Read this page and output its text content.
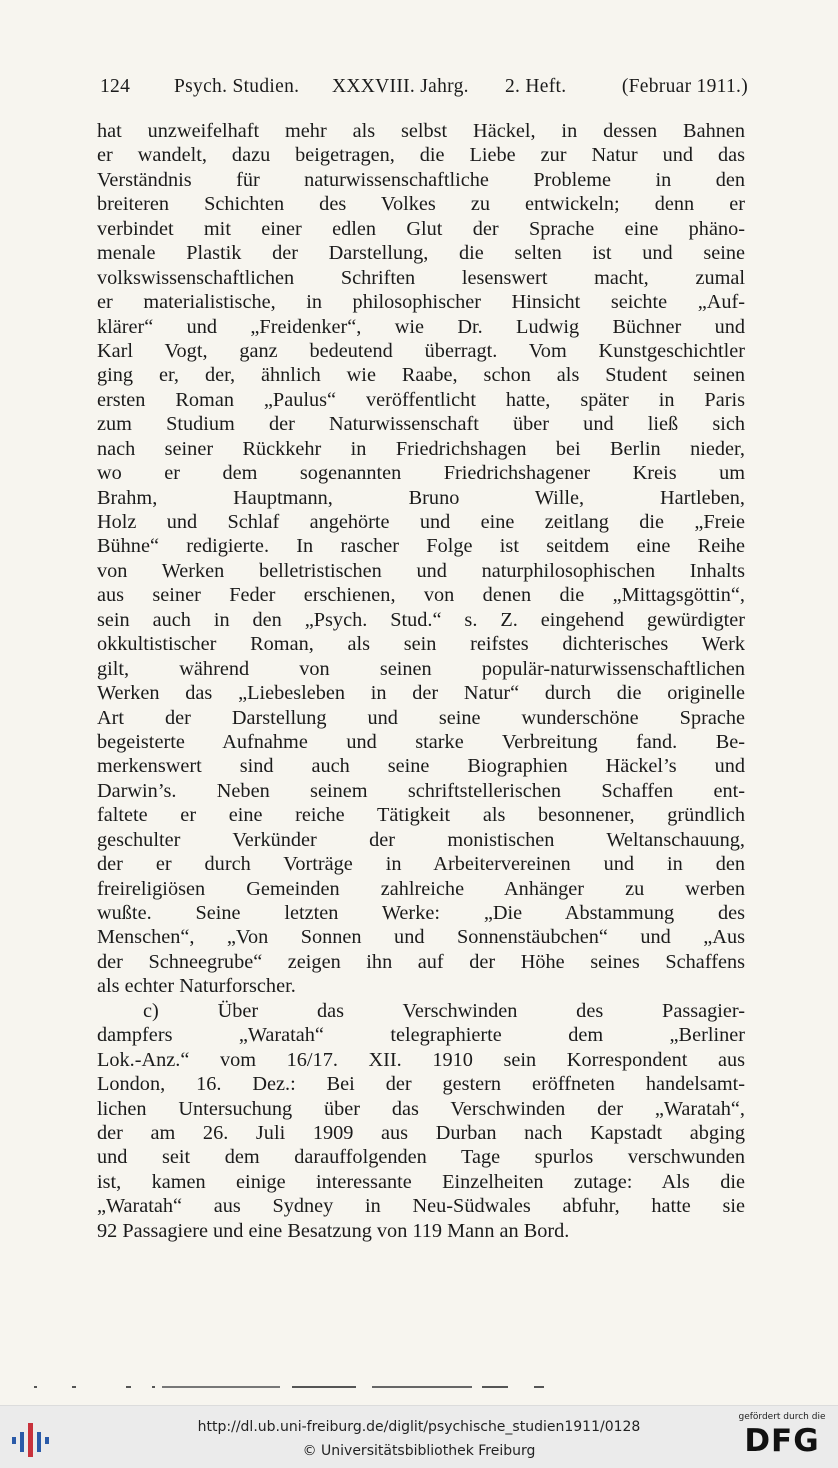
124 Psych. Studien. XXXVIII. Jahrg. 2. Heft.	(Februar 1911.)
hat unzweifelhaft mehr als selbst Häckel, in dessen Bahnen
er wandelt, dazu beigetragen, die Liebe zur Natur und das
Verständnis für naturwissenschaftliche Probleme in den
breiteren Schichten des Volkes zu entwickeln; denn er
verbindet mit einer edlen Glut der Sprache eine phäno-
menale Plastik der Darstellung, die selten ist und seine
volkswissenschaftlichen Schriften lesenswert macht, zumal
er materialistische, in philosophischer Hinsicht seichte „Auf-
klärer“ und „Freidenker“, wie Dr. Ludwig Büchner und
Karl Vogt, ganz bedeutend überragt. Vom Kunstgeschichtler
ging er, der, ähnlich wie Raabe, schon als Student seinen
ersten Roman „Paulus“ veröffentlicht hatte, später in Paris
zum Studium der Naturwissenschaft über und ließ sich
nach seiner Rückkehr in Friedrichshagen bei Berlin nieder,
wo er dem sogenannten Friedrichshagener Kreis um
Brahm, Hauptmann, Bruno Wille, Hartleben,
Holz und Schlaf angehörte und eine zeitlang die „Freie
Bühne“ redigierte. In rascher Folge ist seitdem eine Reihe
von Werken belletristischen und naturphilosophischen Inhalts
aus seiner Feder erschienen, von denen die „Mittagsgöttin“,
sein auch in den „Psych. Stud.“ s. Z. eingehend gewürdigter
okkultistischer Roman, als sein reifstes dichterisches Werk
gilt, während von seinen populär-naturwissenschaftlichen
Werken das „Liebesleben in der Natur“ durch die originelle
Art der Darstellung und seine wunderschöne Sprache
begeisterte Aufnahme und starke Verbreitung fand. Be-
merkenswert sind auch seine Biographien Häckel’s und
Darwin’s. Neben seinem schriftstellerischen Schaffen ent-
faltete er eine reiche Tätigkeit als besonnener, gründlich
geschulter Verkünder der monistischen Weltanschauung,
der er durch Vorträge in Arbeitervereinen und in den
freireligiösen Gemeinden zahlreiche Anhänger zu werben
wußte. Seine letzten Werke: „Die Abstammung des
Menschen“, „Von Sonnen und Sonnenstäubchen“ und „Aus
der Schneegrube“ zeigen ihn auf der Höhe seines Schaffens
als echter Naturforscher.
c) Über das Verschwinden des Passagier-
dampfers „Waratah“ telegraphierte dem „Berliner
Lok.-Anz.“ vom 16/17. XII. 1910 sein Korrespondent aus
London, 16. Dez.: Bei der gestern eröffneten handelsamt-
lichen Untersuchung über das Verschwinden der „Waratah“,
der am 26. Juli 1909 aus Durban nach Kapstadt abging
und seit dem darauffolgenden Tage spurlos verschwunden
ist, kamen einige interessante Einzelheiten zutage: Als die
„Waratah“ aus Sydney in Neu-Südwales abfuhr, hatte sie
92 Passagiere und eine Besatzung von 119 Mann an Bord.
http://dl.ub.uni-freiburg.de/diglit/psychische_studien1911/0128
© Universitätsbibliothek Freiburg
gefördert durch die
DFG
